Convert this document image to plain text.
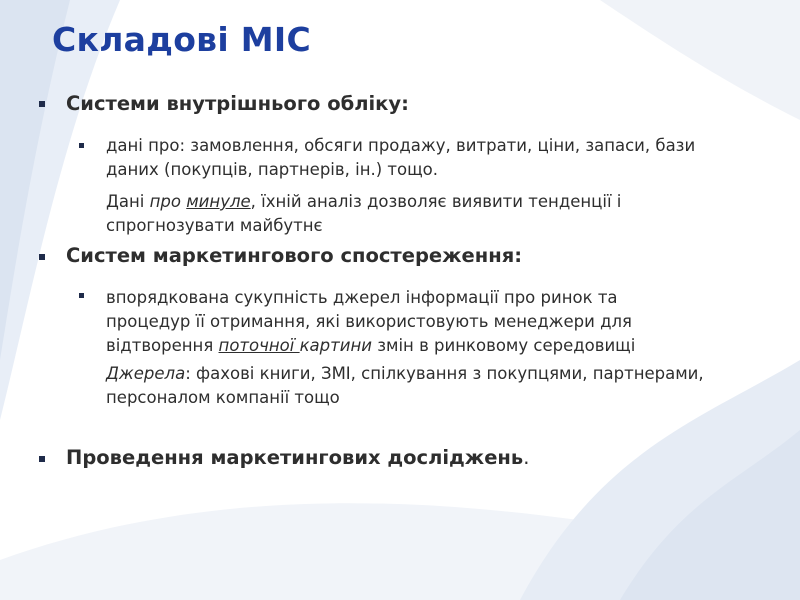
Складові МІС
Системи внутрішнього обліку:
дані про: замовлення, обсяги продажу, витрати, ціни, запаси, бази даних (покупців, партнерів, ін.) тощо.
Дані про минуле, їхній аналіз дозволяє виявити тенденції і спрогнозувати майбутнє
Систем маркетингового спостереження:
впорядкована сукупність джерел інформації про ринок та процедур її отримання, які використовують менеджери для відтворення поточної картини змін в ринковому середовищі
Джерела: фахові книги, ЗМІ, спілкування з покупцями, партнерами, персоналом компанії тощо
Проведення маркетингових досліджень.
